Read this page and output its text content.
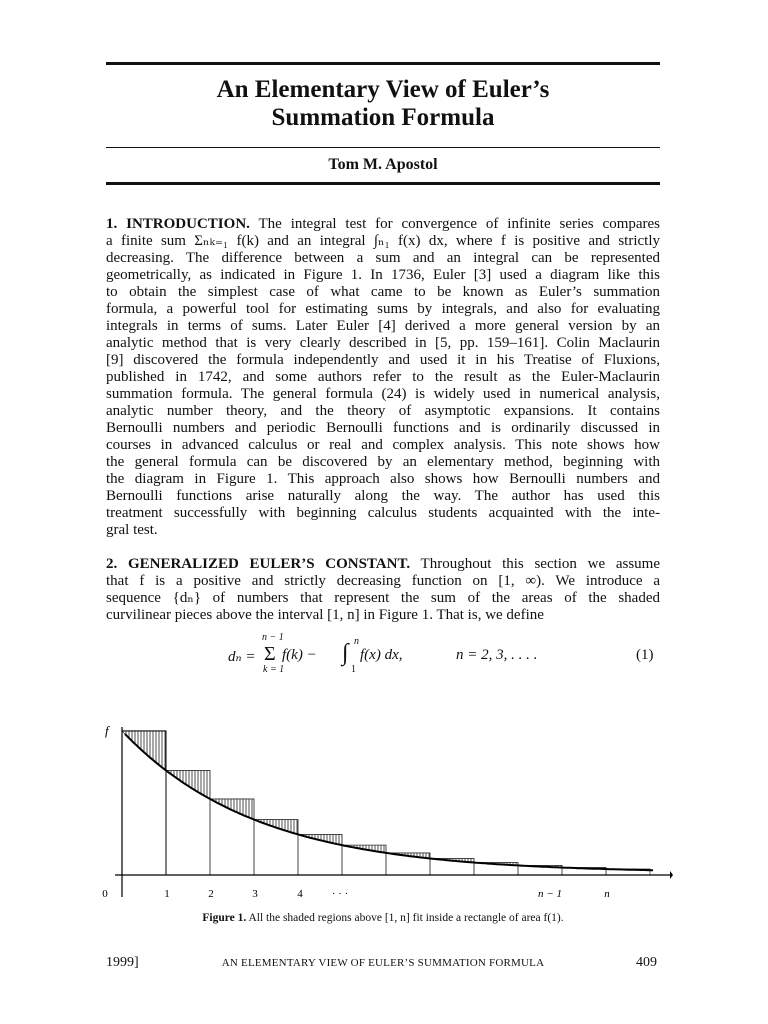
An Elementary View of Euler’s
Summation Formula
Tom M. Apostol
1. INTRODUCTION. The integral test for convergence of infinite series compares
a finite sum Σₙₖ₌₁ f(k) and an integral ∫ₙ₁ f(x) dx, where f is positive and strictly
decreasing. The difference between a sum and an integral can be represented
geometrically, as indicated in Figure 1. In 1736, Euler [3] used a diagram like this
to obtain the simplest case of what came to be known as Euler’s summation
formula, a powerful tool for estimating sums by integrals, and also for evaluating
integrals in terms of sums. Later Euler [4] derived a more general version by an
analytic method that is very clearly described in [5, pp. 159–161]. Colin Maclaurin
[9] discovered the formula independently and used it in his Treatise of Fluxions,
published in 1742, and some authors refer to the result as the Euler-Maclaurin
summation formula. The general formula (24) is widely used in numerical analysis,
analytic number theory, and the theory of asymptotic expansions. It contains
Bernoulli numbers and periodic Bernoulli functions and is ordinarily discussed in
courses in advanced calculus or real and complex analysis. This note shows how
the general formula can be discovered by an elementary method, beginning with
the diagram in Figure 1. This approach also shows how Bernoulli numbers and
Bernoulli functions arise naturally along the way. The author has used this
treatment successfully with beginning calculus students acquainted with the inte-
gral test.
2. GENERALIZED EULER’S CONSTANT. Throughout this section we assume
that f is a positive and strictly decreasing function on [1, ∞). We introduce a
sequence {dₙ} of numbers that represent the sum of the areas of the shaded
curvilinear pieces above the interval [1, n] in Figure 1. That is, we define
dₙ =
n − 1
Σ
k = 1
f(k) −
n
∫
1
f(x) dx,	n = 2, 3, . . . .	(1)
f
0	1	2	3	4	· · ·	n − 1	n
Figure 1. All the shaded regions above [1, n] fit inside a rectangle of area f(1).
1999]	AN ELEMENTARY VIEW OF EULER’S SUMMATION FORMULA	409
